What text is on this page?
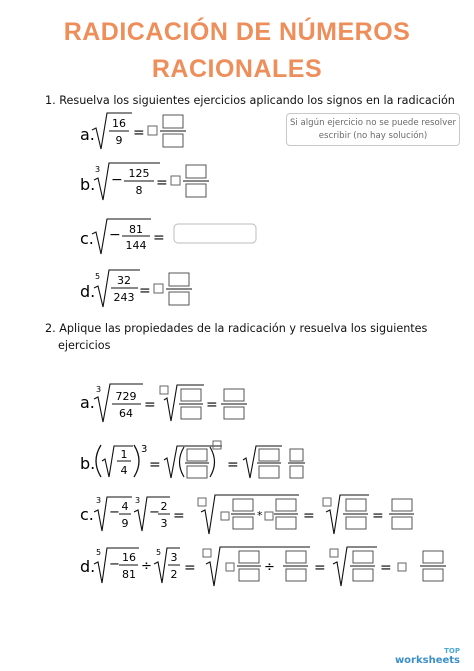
RADICACIÓN DE NÚMEROS
RACIONALES
1. Resuelva los siguientes ejercicios aplicando los signos en la radicación
Si algún ejercicio no se puede resolver escribir (no hay solución)
a.
16
9 =
b.
3
− 125
8 =
c. − 81
144 =
d.
5 32
243 =
a.
3
729
64
=	=
b. 1
4
3
=	=
c.
3
− 4
9
3
− 2
3 =	*	=	=
d.
5
− 16
81
÷
5 3
2 =	÷	=	=
2. Aplique las propiedades de la radicación y resuelva los siguientes
ejercicios
TOP
worksheets
